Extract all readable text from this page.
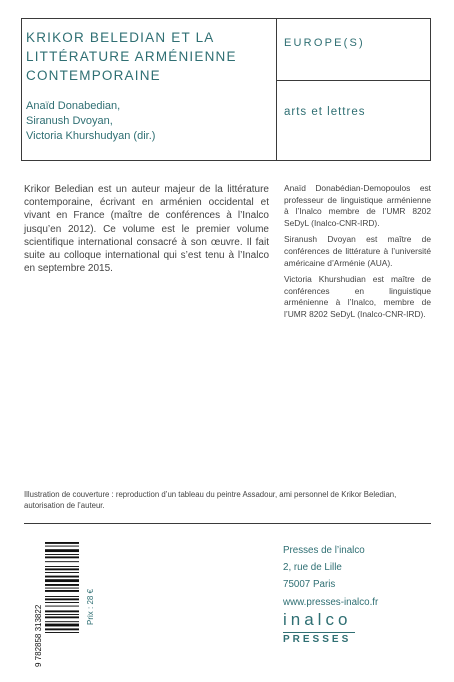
KRIKOR BELEDIAN ET LA LITTÉRATURE ARMÉNIENNE CONTEMPORAINE
Anaïd Donabedian,
Siranush Dvoyan,
Victoria Khurshudyan (dir.)
EUROPE(S)
arts et lettres
Krikor Beledian est un auteur majeur de la littérature contemporaine, écrivant en arménien occidental et vivant en France (maître de conférences à l’Inalco jusqu’en 2012). Ce volume est le premier volume scientifique international consacré à son œuvre. Il fait suite au colloque international qui s’est tenu à l’Inalco en septembre 2015.

Anaïd Donabédian-Demopoulos est professeur de linguistique arménienne à l’Inalco membre de l’UMR 8202 SeDyL (Inalco-CNR-IRD).

Siranush Dvoyan est maître de conférences de littérature à l’université américaine d’Arménie (AUA).

Victoria Khurshudian est maître de conférences en linguistique arménienne à l’Inalco, membre de l’UMR 8202 SeDyL (Inalco-CNR-IRD).

Illustration de couverture : reproduction d’un tableau du peintre Assadour, ami personnel de Krikor Beledian, autorisation de l’auteur.
9 782858 313822	Prix : 28 €
Presses de l’inalco
2, rue de Lille
75007 Paris
www.presses-inalco.fr
inalco
PRESSES
